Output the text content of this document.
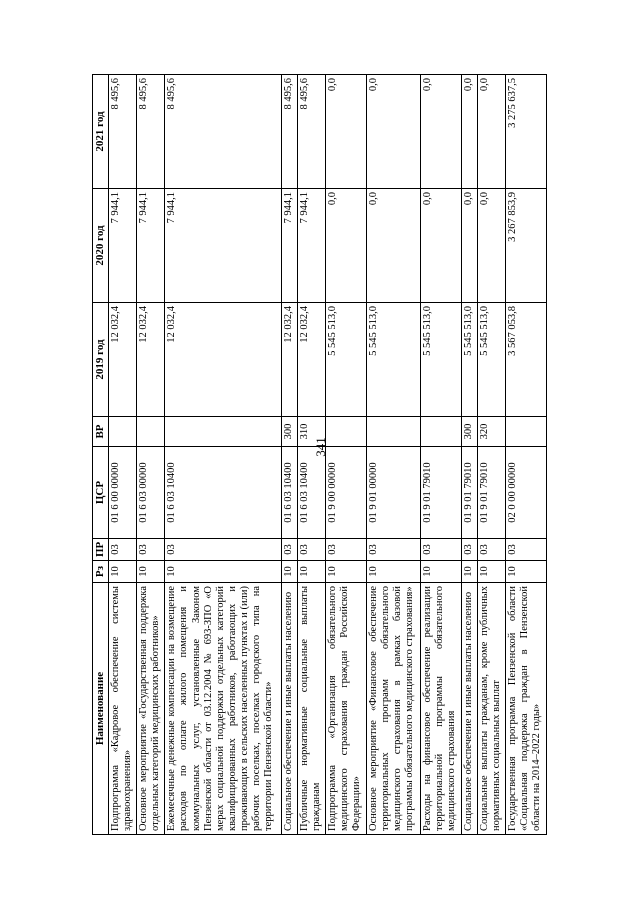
341
Наименование	Рз	ПР	ЦСР	ВР	2019 год	2020 год	2021 год
Подпрограмма «Кадровое обеспечение системы здравоохранения»	10	03	01 6 00 00000		12 032,4	7 944,1	8 495,6
Основное мероприятие «Государственная поддержка отдельных категорий медицинских работников»	10	03	01 6 03 00000		12 032,4	7 944,1	8 495,6
Ежемесячные денежные компенсации на возмещение расходов по оплате жилого помещения и коммунальных услуг, установленные Законом Пензенской области от 03.12.2004 № 693-ЗПО «О мерах социальной поддержки отдельных категорий квалифицированных работников, работающих и проживающих в сельских населенных пунктах и (или) рабочих поселках, поселках городского типа на территории Пензенской области»	10	03	01 6 03 10400		12 032,4	7 944,1	8 495,6
Социальное обеспечение и иные выплаты населению	10	03	01 6 03 10400	300	12 032,4	7 944,1	8 495,6
Публичные нормативные социальные выплаты гражданам	10	03	01 6 03 10400	310	12 032,4	7 944,1	8 495,6
Подпрограмма «Организация обязательного медицинского страхования граждан Российской Федерации»	10	03	01 9 00 00000		5 545 513,0	0,0	0,0
Основное мероприятие «Финансовое обеспечение территориальных программ обязательного медицинского страхования в рамках базовой программы обязательного медицинского страхования»	10	03	01 9 01 00000		5 545 513,0	0,0	0,0
Расходы на финансовое обеспечение реализации территориальной программы обязательного медицинского страхования	10	03	01 9 01 79010		5 545 513,0	0,0	0,0
Социальное обеспечение и иные выплаты населению	10	03	01 9 01 79010	300	5 545 513,0	0,0	0,0
Социальные выплаты гражданам, кроме публичных нормативных социальных выплат	10	03	01 9 01 79010	320	5 545 513,0	0,0	0,0
Государственная программа Пензенской области «Социальная поддержка граждан в Пензенской области на 2014–2022 годы»	10	03	02 0 00 00000		3 567 053,8	3 267 853,9	3 275 637,5
